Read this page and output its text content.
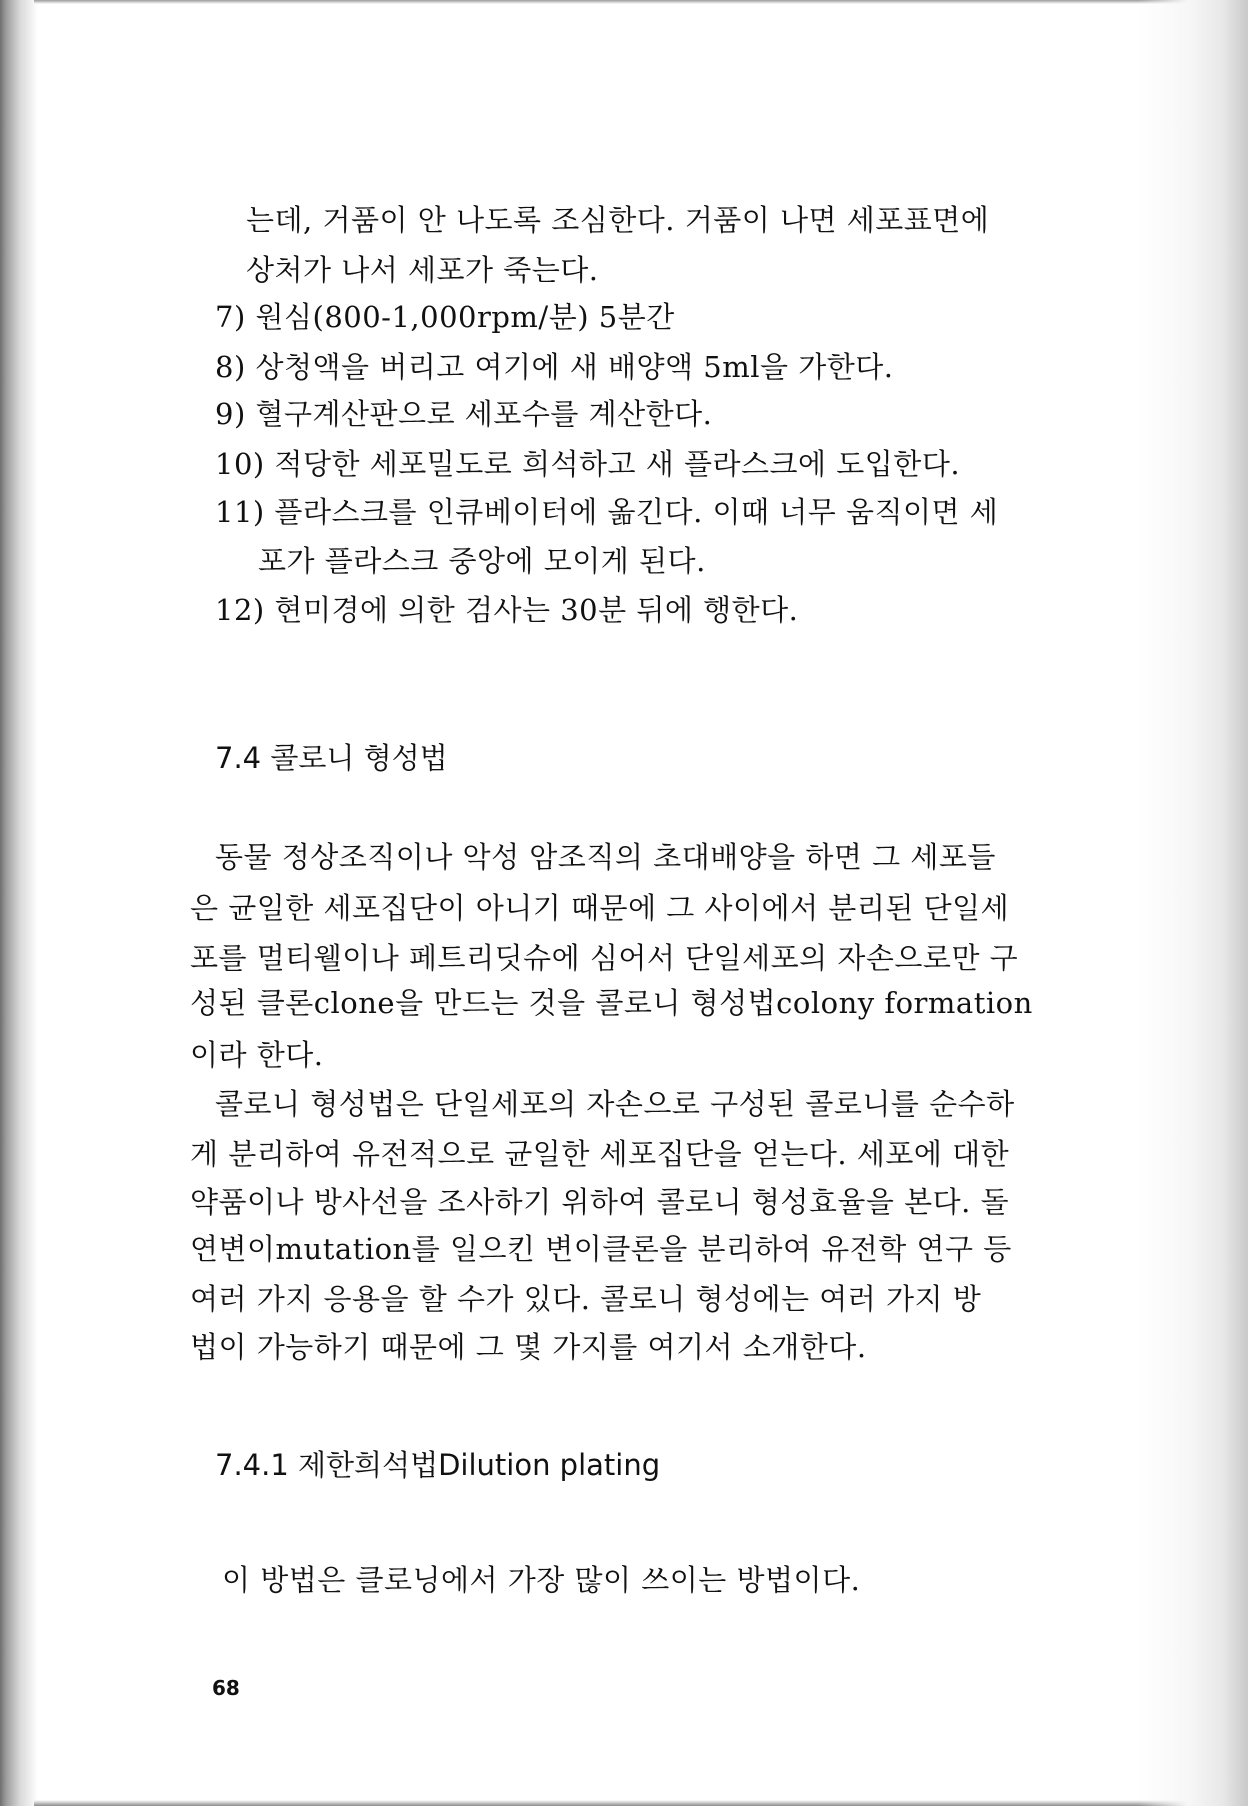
는데, 거품이 안 나도록 조심한다. 거품이 나면 세포표면에
상처가 나서 세포가 죽는다.
7) 원심(800-1,000rpm/분) 5분간
8) 상청액을 버리고 여기에 새 배양액 5ml을 가한다.
9) 혈구계산판으로 세포수를 계산한다.
10) 적당한 세포밀도로 희석하고 새 플라스크에 도입한다.
11) 플라스크를 인큐베이터에 옮긴다. 이때 너무 움직이면 세
포가 플라스크 중앙에 모이게 된다.
12) 현미경에 의한 검사는 30분 뒤에 행한다.
7.4 콜로니 형성법
동물 정상조직이나 악성 암조직의 초대배양을 하면 그 세포들
은 균일한 세포집단이 아니기 때문에 그 사이에서 분리된 단일세
포를 멀티웰이나 페트리딧슈에 심어서 단일세포의 자손으로만 구
성된 클론clone을 만드는 것을 콜로니 형성법colony formation
이라 한다.
콜로니 형성법은 단일세포의 자손으로 구성된 콜로니를 순수하
게 분리하여 유전적으로 균일한 세포집단을 얻는다. 세포에 대한
약품이나 방사선을 조사하기 위하여 콜로니 형성효율을 본다. 돌
연변이mutation를 일으킨 변이클론을 분리하여 유전학 연구 등
여러 가지 응용을 할 수가 있다. 콜로니 형성에는 여러 가지 방
법이 가능하기 때문에 그 몇 가지를 여기서 소개한다.
7.4.1 제한희석법Dilution plating
이 방법은 클로닝에서 가장 많이 쓰이는 방법이다.
68
